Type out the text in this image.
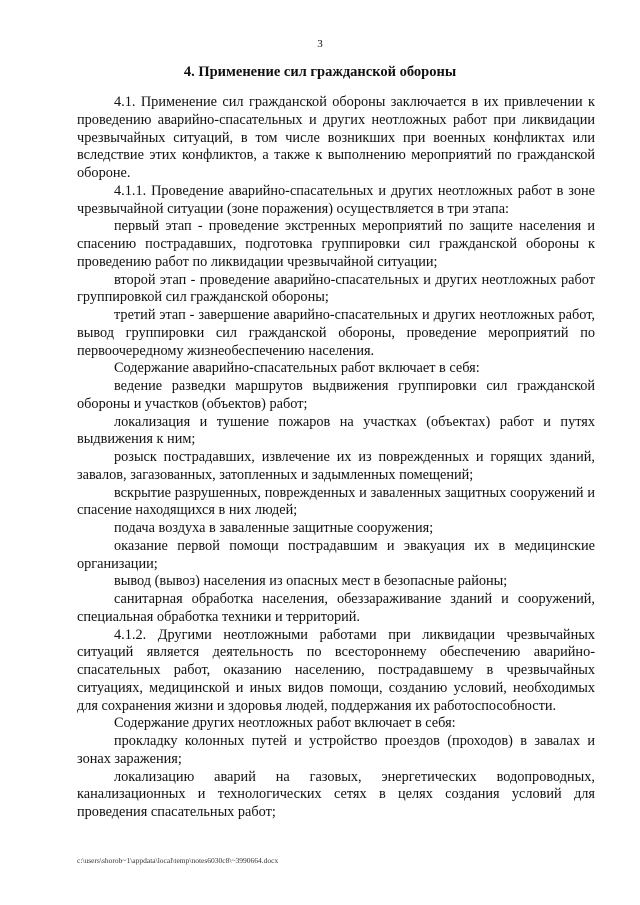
3
4. Применение сил гражданской обороны

4.1. Применение сил гражданской обороны заключается в их привлечении к проведению аварийно-спасательных и других неотложных работ при ликвидации чрезвычайных ситуаций, в том числе возникших при военных конфликтах или вследствие этих конфликтов, а также к выполнению мероприятий по гражданской обороне.

4.1.1. Проведение аварийно-спасательных и других неотложных работ в зоне чрезвычайной ситуации (зоне поражения) осуществляется в три этапа:

первый этап - проведение экстренных мероприятий по защите населения и спасению пострадавших, подготовка группировки сил гражданской обороны к проведению работ по ликвидации чрезвычайной ситуации;

второй этап - проведение аварийно-спасательных и других неотложных работ группировкой сил гражданской обороны;

третий этап - завершение аварийно-спасательных и других неотложных работ, вывод группировки сил гражданской обороны, проведение мероприятий по первоочередному жизнеобеспечению населения.

Содержание аварийно-спасательных работ включает в себя:

ведение разведки маршрутов выдвижения группировки сил гражданской обороны и участков (объектов) работ;

локализация и тушение пожаров на участках (объектах) работ и путях выдвижения к ним;

розыск пострадавших, извлечение их из поврежденных и горящих зданий, завалов, загазованных, затопленных и задымленных помещений;

вскрытие разрушенных, поврежденных и заваленных защитных сооружений и спасение находящихся в них людей;

подача воздуха в заваленные защитные сооружения;

оказание первой помощи пострадавшим и эвакуация их в медицинские организации;

вывод (вывоз) населения из опасных мест в безопасные районы;

санитарная обработка населения, обеззараживание зданий и сооружений, специальная обработка техники и территорий.

4.1.2. Другими неотложными работами при ликвидации чрезвычайных ситуаций является деятельность по всестороннему обеспечению аварийно-спасательных работ, оказанию населению, пострадавшему в чрезвычайных ситуациях, медицинской и иных видов помощи, созданию условий, необходимых для сохранения жизни и здоровья людей, поддержания их работоспособности.

Содержание других неотложных работ включает в себя:

прокладку колонных путей и устройство проездов (проходов) в завалах и зонах заражения;

локализацию аварий на газовых, энергетических водопроводных, канализационных и технологических сетях в целях создания условий для проведения спасательных работ;

c:\users\shorob~1\appdata\local\temp\notes6030c8\~3990664.docx
